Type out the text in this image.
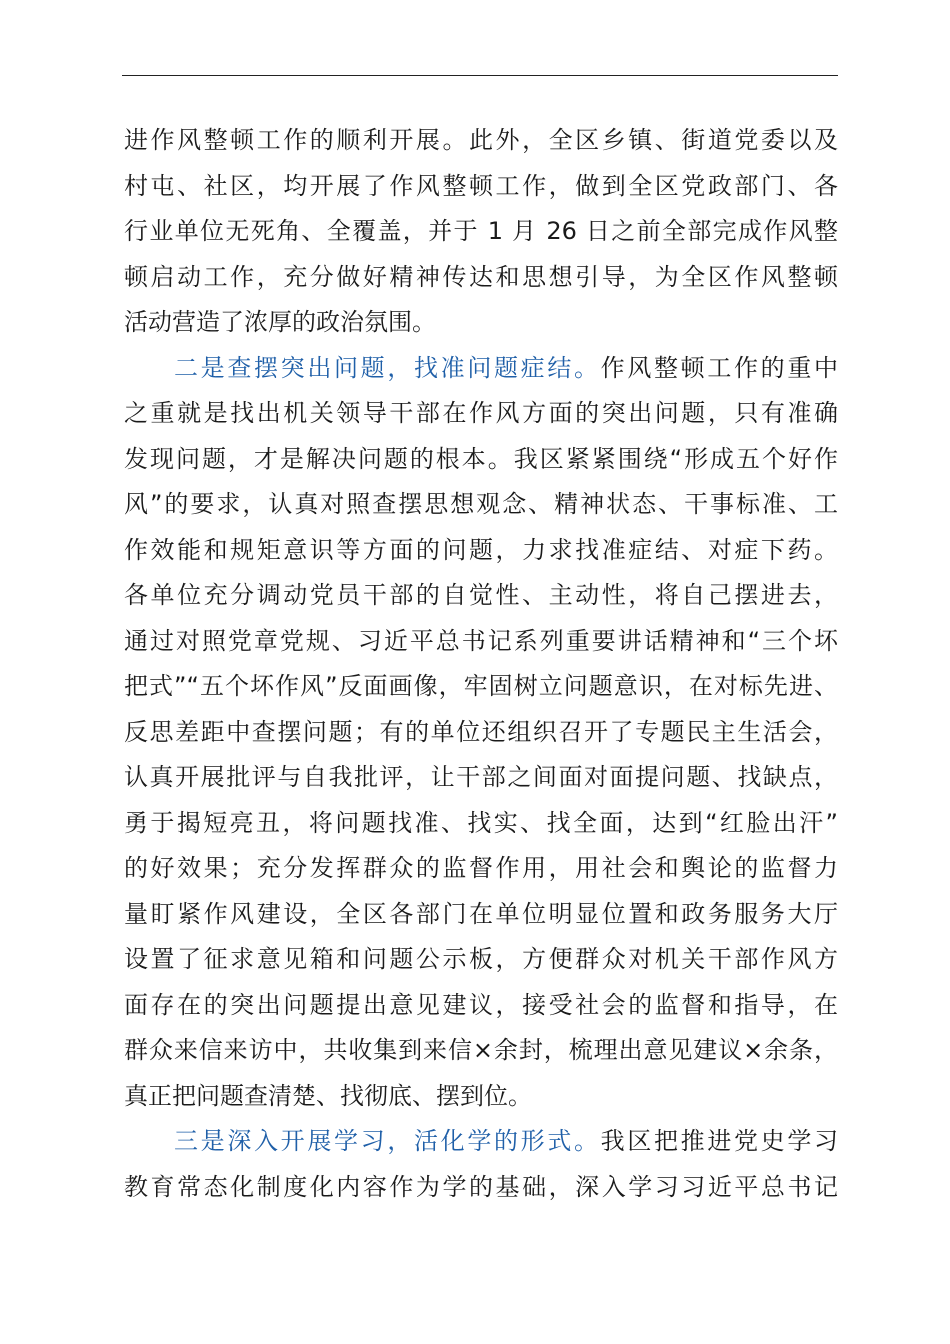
进作风整顿工作的顺利开展。此外，全区乡镇、街道党委以及
村屯、社区，均开展了作风整顿工作，做到全区党政部门、各
行业单位无死角、全覆盖，并于 1 月 26 日之前全部完成作风整
顿启动工作，充分做好精神传达和思想引导，为全区作风整顿
活动营造了浓厚的政治氛围。
二是查摆突出问题，找准问题症结。作风整顿工作的重中
之重就是找出机关领导干部在作风方面的突出问题，只有准确
发现问题，才是解决问题的根本。我区紧紧围绕“形成五个好作
风”的要求，认真对照查摆思想观念、精神状态、干事标准、工
作效能和规矩意识等方面的问题，力求找准症结、对症下药。
各单位充分调动党员干部的自觉性、主动性，将自己摆进去，
通过对照党章党规、习近平总书记系列重要讲话精神和“三个坏
把式”“五个坏作风”反面画像，牢固树立问题意识，在对标先进、
反思差距中查摆问题；有的单位还组织召开了专题民主生活会，
认真开展批评与自我批评，让干部之间面对面提问题、找缺点，
勇于揭短亮丑，将问题找准、找实、找全面，达到“红脸出汗”
的好效果；充分发挥群众的监督作用，用社会和舆论的监督力
量盯紧作风建设，全区各部门在单位明显位置和政务服务大厅
设置了征求意见箱和问题公示板，方便群众对机关干部作风方
面存在的突出问题提出意见建议，接受社会的监督和指导，在
群众来信来访中，共收集到来信×余封，梳理出意见建议×余条，
真正把问题查清楚、找彻底、摆到位。
三是深入开展学习，活化学的形式。我区把推进党史学习
教育常态化制度化内容作为学的基础，深入学习习近平总书记
